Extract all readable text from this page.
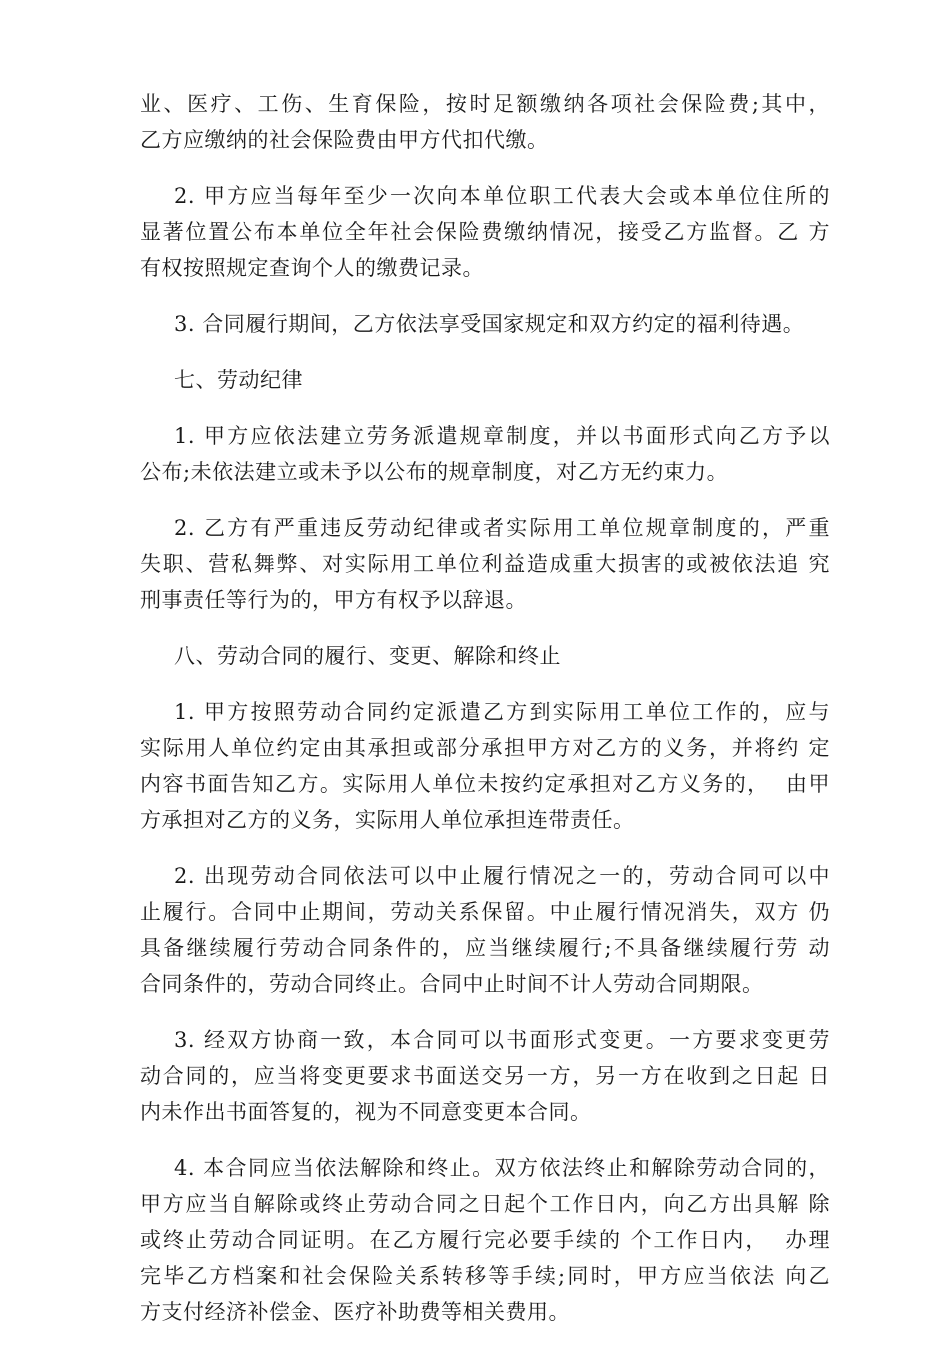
业、医疗、工伤、生育保险，按时足额缴纳各项社会保险费;其中，
乙方应缴纳的社会保险费由甲方代扣代缴。
2. 甲方应当每年至少一次向本单位职工代表大会或本单位住所的
显著位置公布本单位全年社会保险费缴纳情况，接受乙方监督。乙 方
有权按照规定查询个人的缴费记录。
3. 合同履行期间，乙方依法享受国家规定和双方约定的福利待遇。
七、劳动纪律
1. 甲方应依法建立劳务派遣规章制度，并以书面形式向乙方予以
公布;未依法建立或未予以公布的规章制度，对乙方无约束力。
2. 乙方有严重违反劳动纪律或者实际用工单位规章制度的，严重
失职、营私舞弊、对实际用工单位利益造成重大损害的或被依法追 究
刑事责任等行为的，甲方有权予以辞退。
八、劳动合同的履行、变更、解除和终止
1. 甲方按照劳动合同约定派遣乙方到实际用工单位工作的，应与
实际用人单位约定由其承担或部分承担甲方对乙方的义务，并将约 定
内容书面告知乙方。实际用人单位未按约定承担对乙方义务的，  由甲
方承担对乙方的义务，实际用人单位承担连带责任。
2. 出现劳动合同依法可以中止履行情况之一的，劳动合同可以中
止履行。合同中止期间，劳动关系保留。中止履行情况消失，双方 仍
具备继续履行劳动合同条件的，应当继续履行;不具备继续履行劳 动
合同条件的，劳动合同终止。合同中止时间不计人劳动合同期限。
3. 经双方协商一致，本合同可以书面形式变更。一方要求变更劳
动合同的，应当将变更要求书面送交另一方，另一方在收到之日起 日
内未作出书面答复的，视为不同意变更本合同。
4. 本合同应当依法解除和终止。双方依法终止和解除劳动合同的，
甲方应当自解除或终止劳动合同之日起个工作日内，向乙方出具解 除
或终止劳动合同证明。在乙方履行完必要手续的 个工作日内，  办理
完毕乙方档案和社会保险关系转移等手续;同时，甲方应当依法 向乙
方支付经济补偿金、医疗补助费等相关费用。
